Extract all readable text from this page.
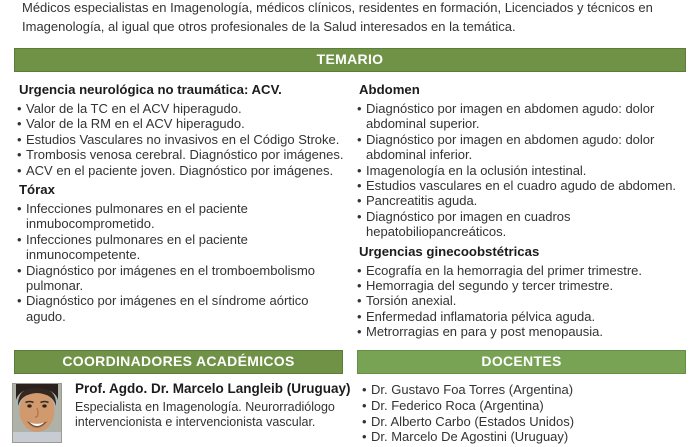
Médicos especialistas en Imagenología, médicos clínicos, residentes en formación, Licenciados y técnicos en Imagenología, al igual que otros profesionales de la Salud interesados en la temática.

TEMARIO
Urgencia neurológica no traumática: ACV.
• Valor de la TC en el ACV hiperagudo.
• Valor de la RM en el ACV hiperagudo.
• Estudios Vasculares no invasivos en el Código Stroke.
• Trombosis venosa cerebral. Diagnóstico por imágenes.
• ACV en el paciente joven. Diagnóstico por imágenes.
Tórax
• Infecciones pulmonares en el paciente inmubocomprometido.
• Infecciones pulmonares en el paciente inmunocompetente.
• Diagnóstico por imágenes en el tromboembolismo pulmonar.
• Diagnóstico por imágenes en el síndrome aórtico agudo.
Abdomen
• Diagnóstico por imagen en abdomen agudo: dolor abdominal superior.
• Diagnóstico por imagen en abdomen agudo: dolor abdominal inferior.
• Imagenología en la oclusión intestinal.
• Estudios vasculares en el cuadro agudo de abdomen.
• Pancreatitis aguda.
• Diagnóstico por imagen en cuadros hepatobiliopancreáticos.
Urgencias ginecoobstétricas
• Ecografía en la hemorragia del primer trimestre.
• Hemorragia del segundo y tercer trimestre.
• Torsión anexial.
• Enfermedad inflamatoria pélvica aguda.
• Metrorragias en para y post menopausia.
COORDINADORES ACADÉMICOS	DOCENTES
Prof. Agdo. Dr. Marcelo Langleib (Uruguay)

Especialista en Imagenología. Neurorradiólogo intervencionista e intervencionista vascular.

• Dr. Gustavo Foa Torres (Argentina)
• Dr. Federico Roca (Argentina)
• Dr. Alberto Carbo (Estados Unidos)
• Dr. Marcelo De Agostini (Uruguay)
